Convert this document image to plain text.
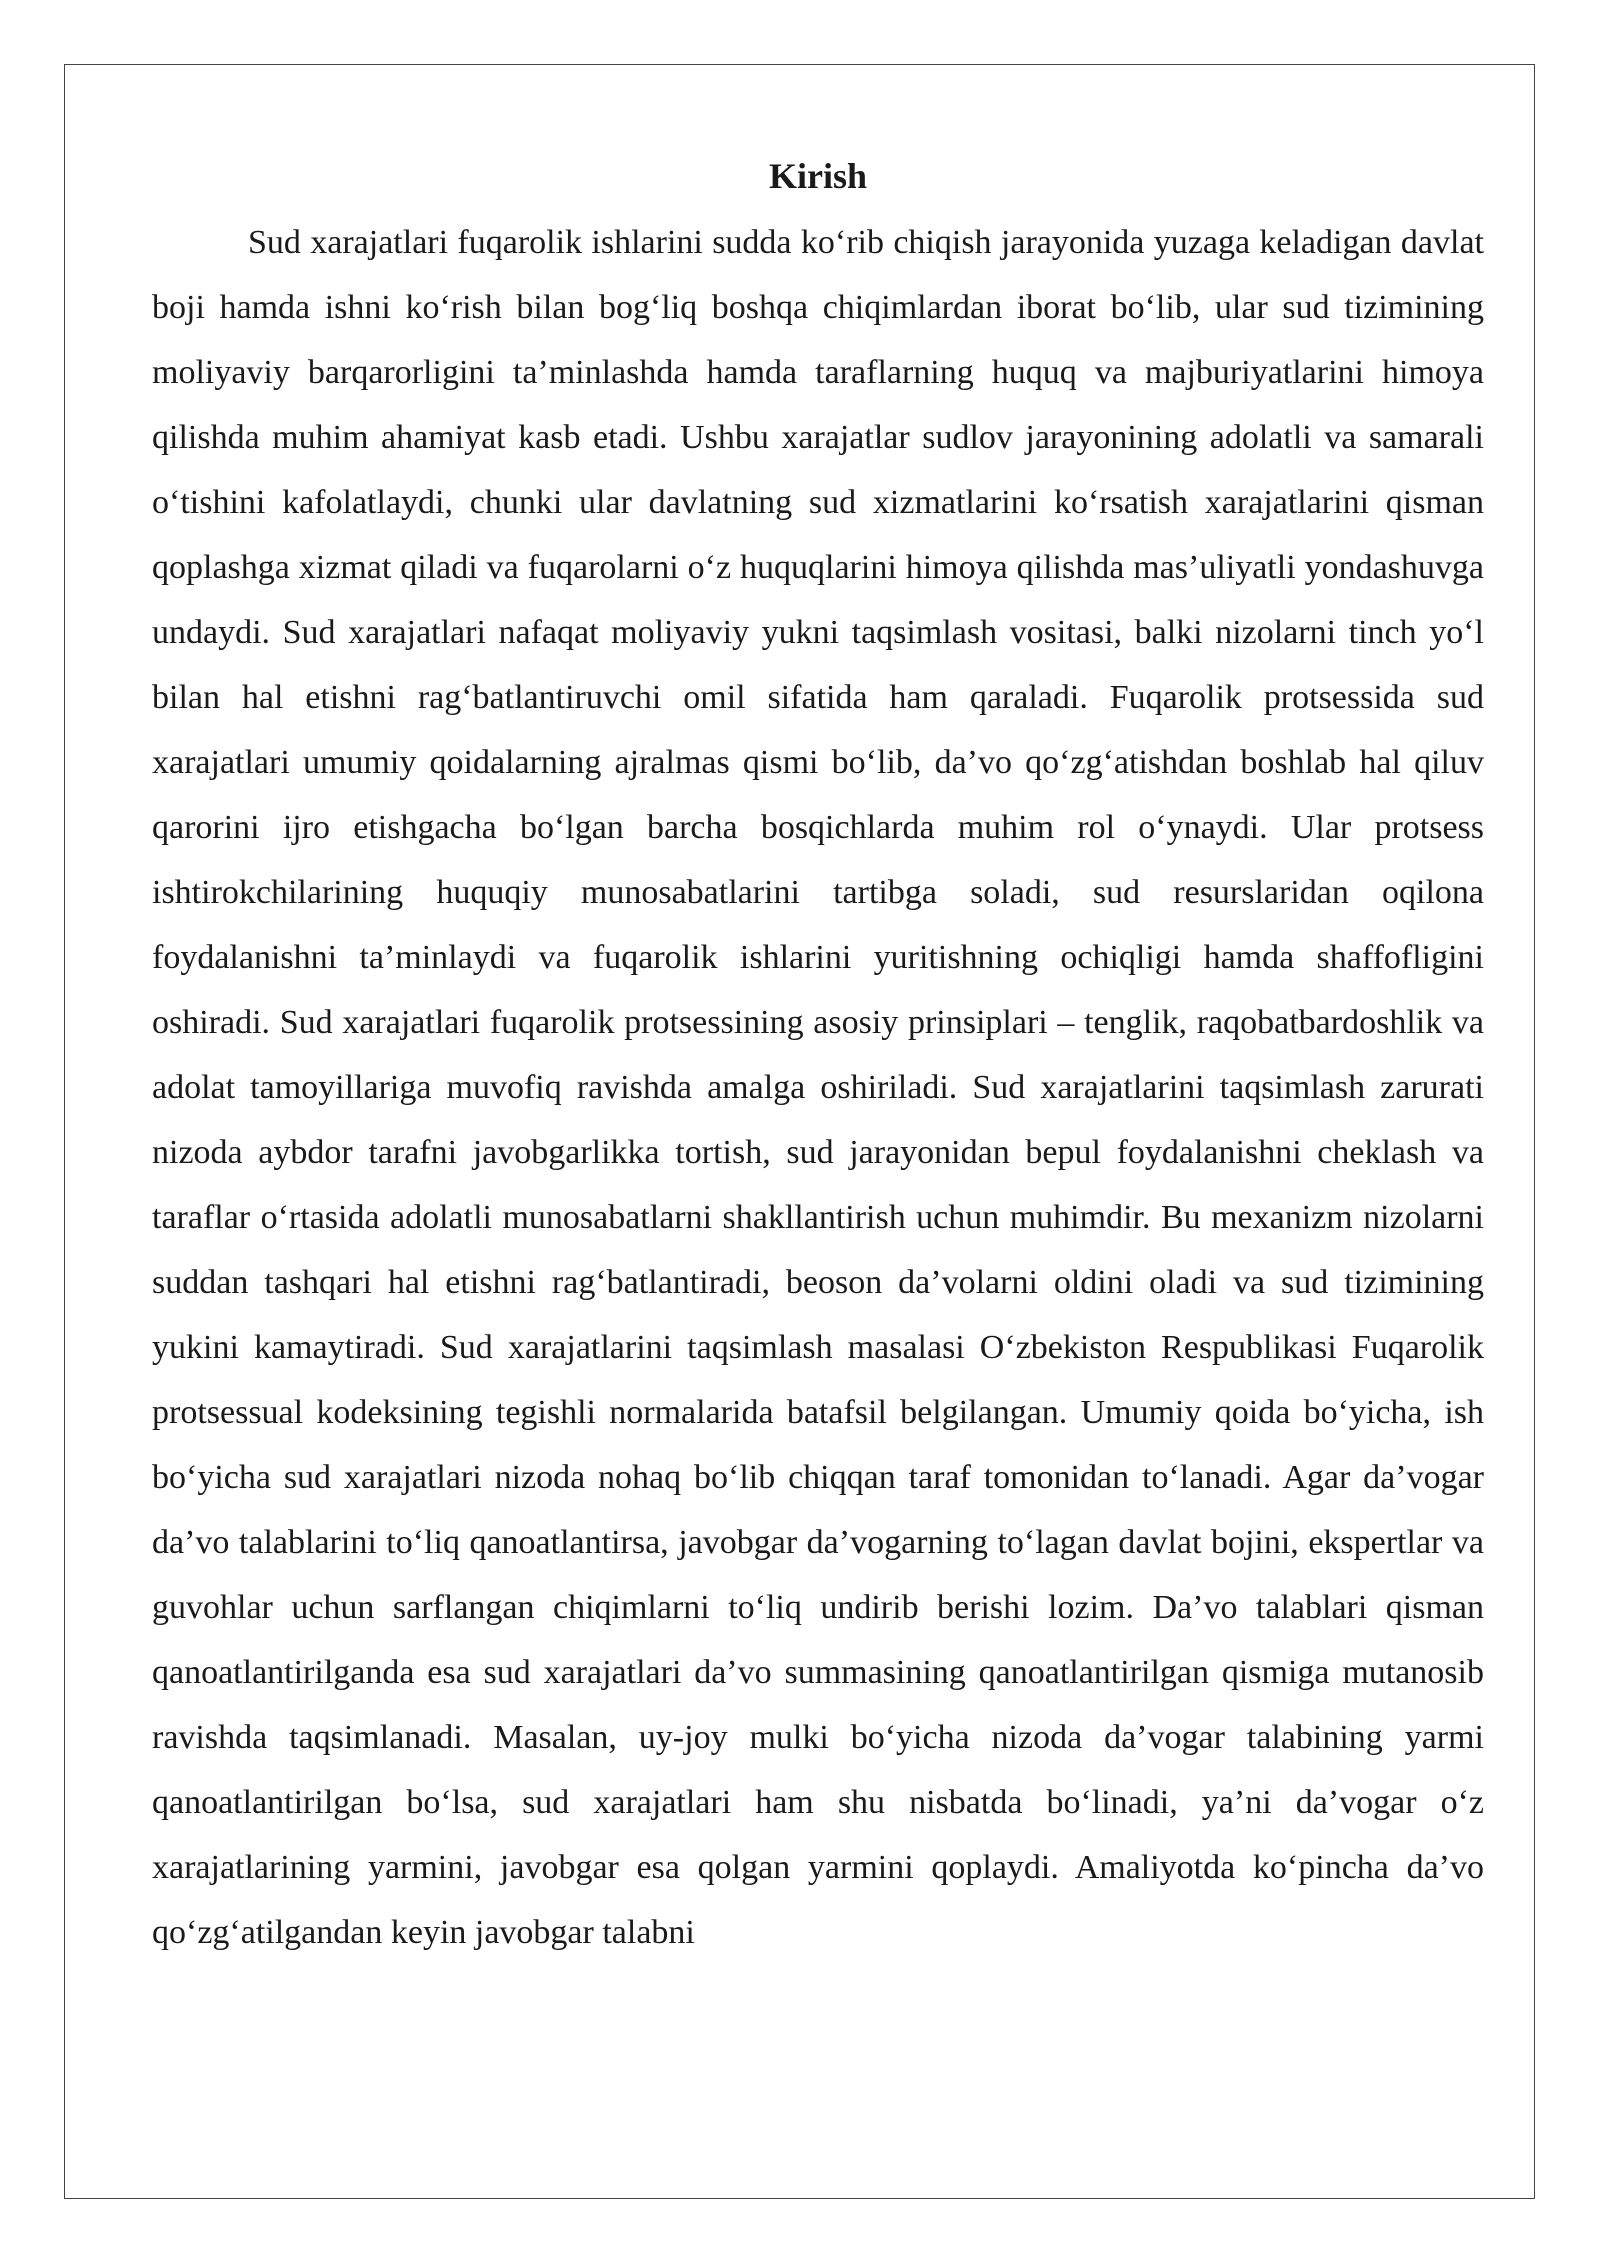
Kirish

Sud xarajatlari fuqarolik ishlarini sudda ko‘rib chiqish jarayonida yuzaga keladigan davlat boji hamda ishni ko‘rish bilan bog‘liq boshqa chiqimlardan iborat bo‘lib, ular sud tizimining moliyaviy barqarorligini ta’minlashda hamda taraflarning huquq va majburiyatlarini himoya qilishda muhim ahamiyat kasb etadi. Ushbu xarajatlar sudlov jarayonining adolatli va samarali o‘tishini kafolatlaydi, chunki ular davlatning sud xizmatlarini ko‘rsatish xarajatlarini qisman qoplashga xizmat qiladi va fuqarolarni o‘z huquqlarini himoya qilishda mas’uliyatli yondashuvga undaydi. Sud xarajatlari nafaqat moliyaviy yukni taqsimlash vositasi, balki nizolarni tinch yo‘l bilan hal etishni rag‘batlantiruvchi omil sifatida ham qaraladi. Fuqarolik protsessida sud xarajatlari umumiy qoidalarning ajralmas qismi bo‘lib, da’vo qo‘zg‘atishdan boshlab hal qiluv qarorini ijro etishgacha bo‘lgan barcha bosqichlarda muhim rol o‘ynaydi. Ular protsess ishtirokchilarining huquqiy munosabatlarini tartibga soladi, sud resurslaridan oqilona foydalanishni ta’minlaydi va fuqarolik ishlarini yuritishning ochiqligi hamda shaffofligini oshiradi. Sud xarajatlari fuqarolik protsessining asosiy prinsiplari – tenglik, raqobatbardoshlik va adolat tamoyillariga muvofiq ravishda amalga oshiriladi. Sud xarajatlarini taqsimlash zarurati nizoda aybdor tarafni javobgarlikka tortish, sud jarayonidan bepul foydalanishni cheklash va taraflar o‘rtasida adolatli munosabatlarni shakllantirish uchun muhimdir. Bu mexanizm nizolarni suddan tashqari hal etishni rag‘batlantiradi, beoson da’volarni oldini oladi va sud tizimining yukini kamaytiradi. Sud xarajatlarini taqsimlash masalasi O‘zbekiston Respublikasi Fuqarolik protsessual kodeksining tegishli normalarida batafsil belgilangan. Umumiy qoida bo‘yicha, ish bo‘yicha sud xarajatlari nizoda nohaq bo‘lib chiqqan taraf tomonidan to‘lanadi. Agar da’vogar da’vo talablarini to‘liq qanoatlantirsa, javobgar da’vogarning to‘lagan davlat bojini, ekspertlar va guvohlar uchun sarflangan chiqimlarni to‘liq undirib berishi lozim. Da’vo talablari qisman qanoatlantirilganda esa sud xarajatlari da’vo summasining qanoatlantirilgan qismiga mutanosib ravishda taqsimlanadi. Masalan, uy-joy mulki bo‘yicha nizoda da’vogar talabining yarmi qanoatlantirilgan bo‘lsa, sud xarajatlari ham shu nisbatda bo‘linadi, ya’ni da’vogar o‘z xarajatlarining yarmini, javobgar esa qolgan yarmini qoplaydi. Amaliyotda ko‘pincha da’vo qo‘zg‘atilgandan keyin javobgar talabni
